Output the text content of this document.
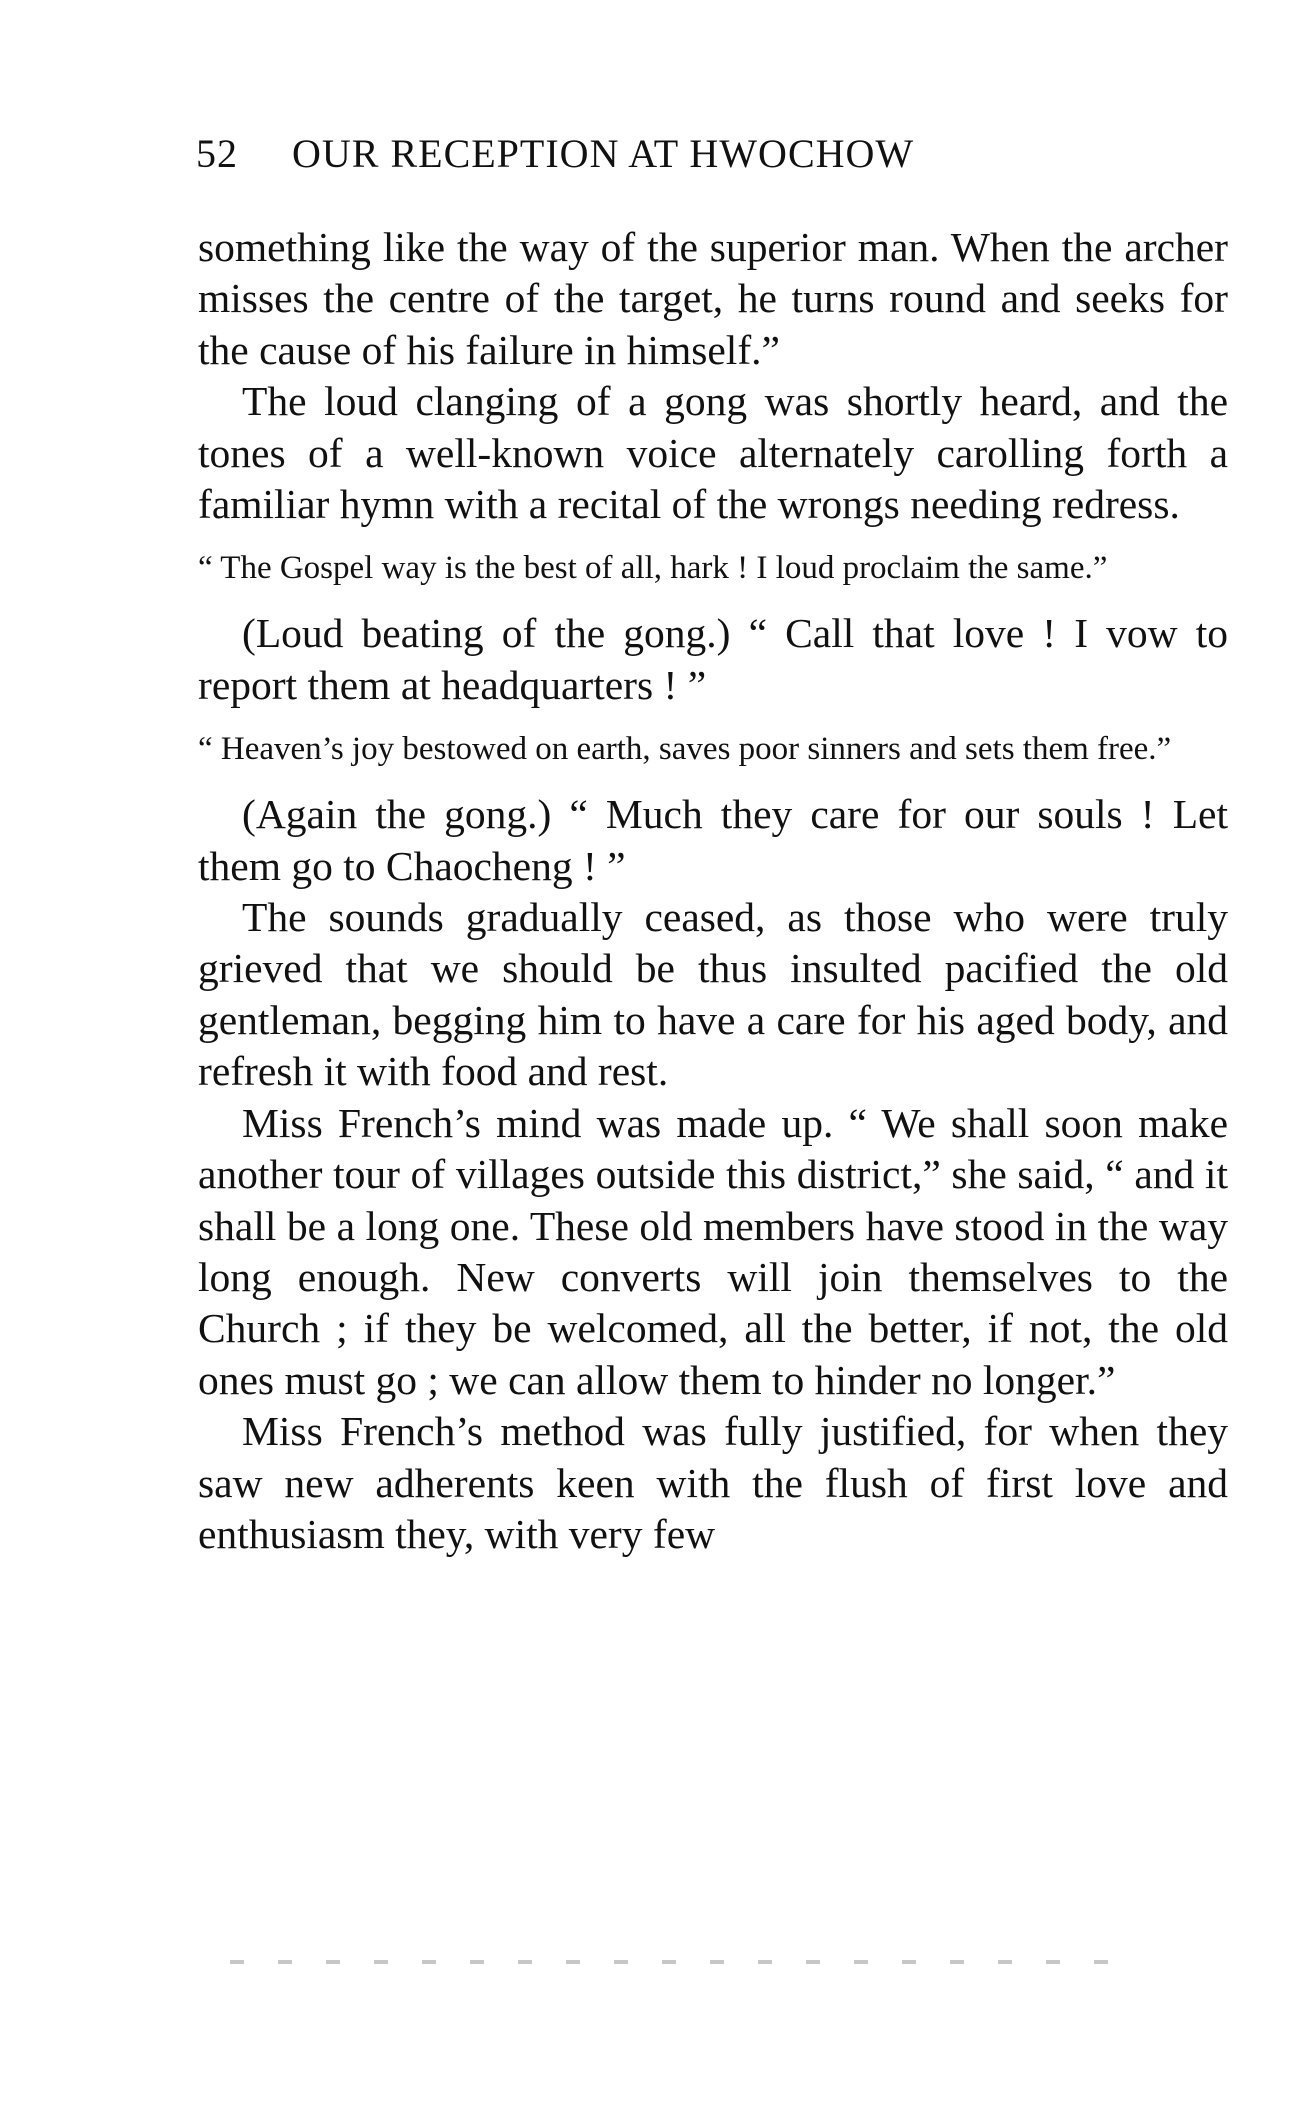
52 OUR RECEPTION AT HWOCHOW

something like the way of the superior man. When the archer misses the centre of the target, he turns round and seeks for the cause of his failure in himself.”

The loud clanging of a gong was shortly heard, and the tones of a well-known voice alternately carolling forth a familiar hymn with a recital of the wrongs needing redress.

“ The Gospel way is the best of all, hark ! I loud proclaim the same.”

(Loud beating of the gong.) “ Call that love ! I vow to report them at headquarters ! ”

“ Heaven’s joy bestowed on earth, saves poor sinners and sets them free.”

(Again the gong.) “ Much they care for our souls ! Let them go to Chaocheng ! ”

The sounds gradually ceased, as those who were truly grieved that we should be thus insulted pacified the old gentleman, begging him to have a care for his aged body, and refresh it with food and rest.

Miss French’s mind was made up. “ We shall soon make another tour of villages outside this district,” she said, “ and it shall be a long one. These old members have stood in the way long enough. New converts will join themselves to the Church ; if they be welcomed, all the better, if not, the old ones must go ; we can allow them to hinder no longer.”

Miss French’s method was fully justified, for when they saw new adherents keen with the flush of first love and enthusiasm they, with very few
